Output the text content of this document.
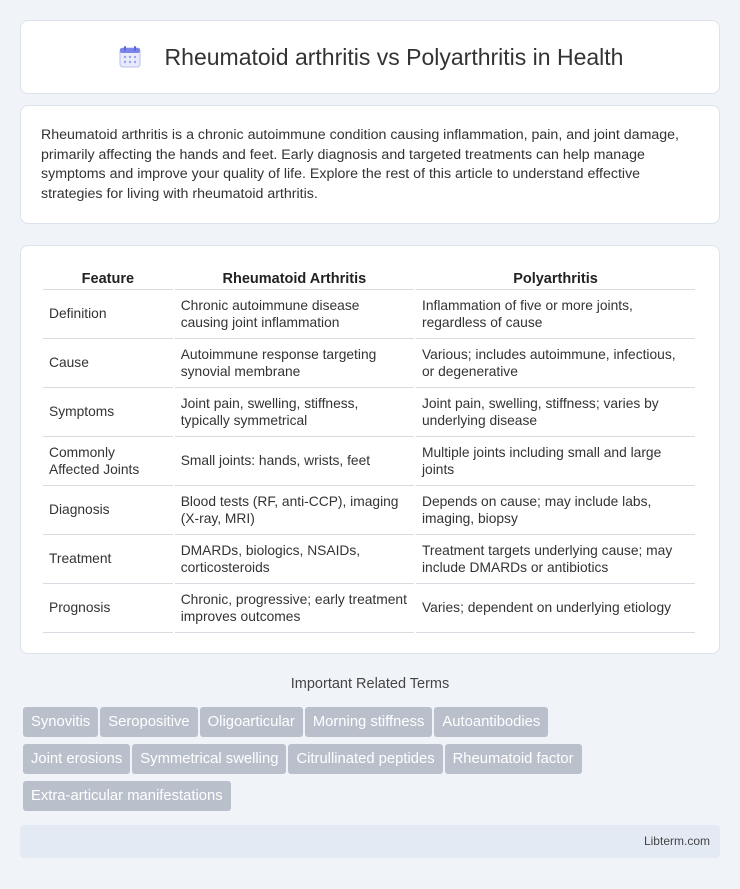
Rheumatoid arthritis vs Polyarthritis in Health

Rheumatoid arthritis is a chronic autoimmune condition causing inflammation, pain, and joint damage, primarily affecting the hands and feet. Early diagnosis and targeted treatments can help manage symptoms and improve your quality of life. Explore the rest of this article to understand effective strategies for living with rheumatoid arthritis.

Feature	Rheumatoid Arthritis	Polyarthritis
Definition	Chronic autoimmune disease causing joint inflammation	Inflammation of five or more joints, regardless of cause
Cause	Autoimmune response targeting synovial membrane	Various; includes autoimmune, infectious, or degenerative
Symptoms	Joint pain, swelling, stiffness, typically symmetrical	Joint pain, swelling, stiffness; varies by underlying disease
Commonly Affected Joints	Small joints: hands, wrists, feet	Multiple joints including small and large joints
Diagnosis	Blood tests (RF, anti-CCP), imaging (X-ray, MRI)	Depends on cause; may include labs, imaging, biopsy
Treatment	DMARDs, biologics, NSAIDs, corticosteroids	Treatment targets underlying cause; may include DMARDs or antibiotics
Prognosis	Chronic, progressive; early treatment improves outcomes	Varies; dependent on underlying etiology
Important Related Terms
Synovitis Seropositive Oligoarticular Morning stiffness Autoantibodies
Joint erosions Symmetrical swelling Citrullinated peptides Rheumatoid factor
Extra-articular manifestations
Libterm.com
